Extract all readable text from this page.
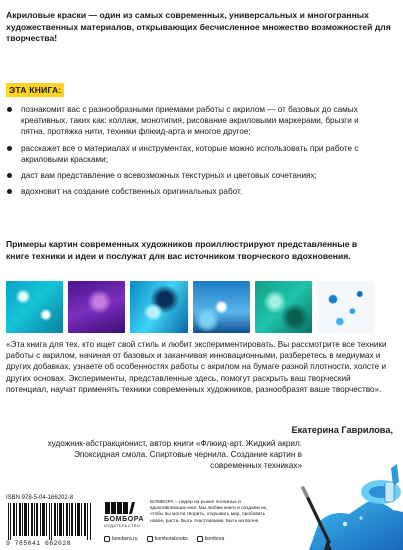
Акриловые краски — один из самых современных, универсальных и многогранных художественных материалов, открывающих бесчисленное множество возможностей для творчества!
ЭТА КНИГА:
познакомит вас с разнообразными приемами работы с акрилом — от базовых до самых креативных, таких как: коллаж, монотипия, рисование акриловыми маркерами, брызги и пятна, протяжка нити, техники флюид-арта и многое другое;
расскажет все о материалах и инструментах, которые можно использовать при работе с акриловыми красками;
даст вам представление о всевозможных текстурных и цветовых сочетаниях;
вдохновит на создание собственных оригинальных работ.
Примеры картин современных художников проиллюстрируют представленные в книге техники и идеи и послужат для вас источником творческого вдохновения.
«Эта книга для тех, кто ищет свой стиль и любит экспериментировать. Вы рассмотрите все техники работы с акрилом, начиная от базовых и заканчивая инновационными, разберетесь в медиумах и других добавках, узнаете об особенностях работы с акрилом на бумаге разной плотности, холсте и других основах. Эксперименты, представленные здесь, помогут раскрыть ваш творческий потенциал, научат применять техники современных художников, разнообразят ваше творчество».
Екатерина Гаврилова,
художник-абстракционист, автор книги «Флюид-арт. Жидкий акрил. Эпоксидная смола. Спиртовые чернила. Создание картин в современных техниках»
ISBN 978-5-04-166202-8
9 785041 662028
БОМБОРА
ИЗДАТЕЛЬСТВО
БОМБОРА – лидер на рынке полезных и вдохновляющих книг. Мы любим книги и создаем их, чтобы вы могли творить, открывать мир, пробовать новое, расти. Быть счастливыми. Быть на волне.
bombora.ru	bomborabooks	bombora
